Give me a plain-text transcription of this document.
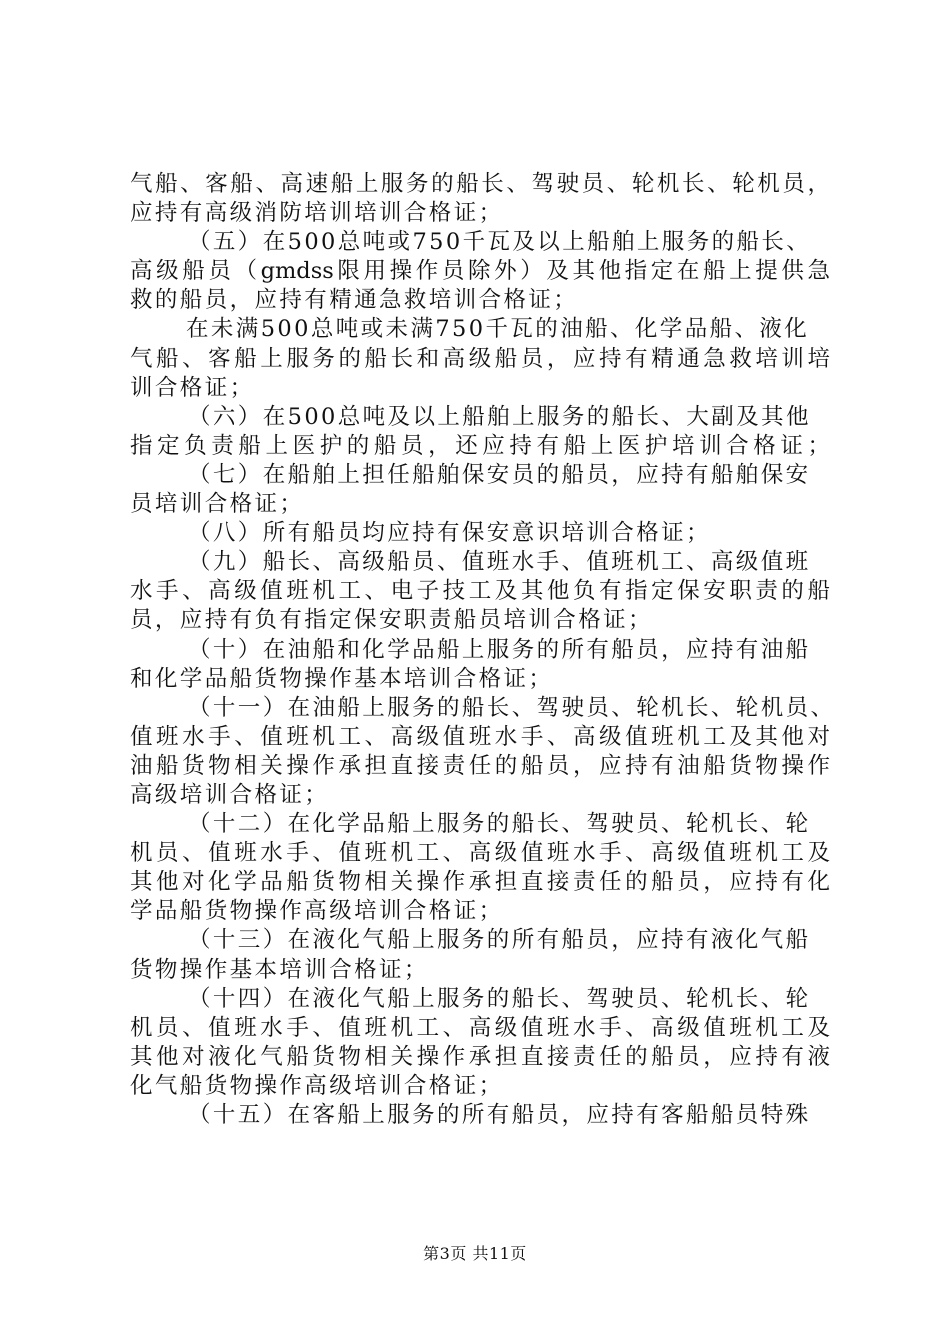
气船、客船、高速船上服务的船长、驾驶员、轮机长、轮机员，
应持有高级消防培训培训合格证；
（五）在500总吨或750千瓦及以上船舶上服务的船长、
高级船员（gmdss限用操作员除外）及其他指定在船上提供急
救的船员，应持有精通急救培训合格证；
在未满500总吨或未满750千瓦的油船、化学品船、液化
气船、客船上服务的船长和高级船员，应持有精通急救培训培
训合格证；
（六）在500总吨及以上船舶上服务的船长、大副及其他
指定负责船上医护的船员，还应持有船上医护培训合格证；
（七）在船舶上担任船舶保安员的船员，应持有船舶保安
员培训合格证；
（八）所有船员均应持有保安意识培训合格证；
（九）船长、高级船员、值班水手、值班机工、高级值班
水手、高级值班机工、电子技工及其他负有指定保安职责的船
员，应持有负有指定保安职责船员培训合格证；
（十）在油船和化学品船上服务的所有船员，应持有油船
和化学品船货物操作基本培训合格证；
（十一）在油船上服务的船长、驾驶员、轮机长、轮机员、
值班水手、值班机工、高级值班水手、高级值班机工及其他对
油船货物相关操作承担直接责任的船员，应持有油船货物操作
高级培训合格证；
（十二）在化学品船上服务的船长、驾驶员、轮机长、轮
机员、值班水手、值班机工、高级值班水手、高级值班机工及
其他对化学品船货物相关操作承担直接责任的船员，应持有化
学品船货物操作高级培训合格证；
（十三）在液化气船上服务的所有船员，应持有液化气船
货物操作基本培训合格证；
（十四）在液化气船上服务的船长、驾驶员、轮机长、轮
机员、值班水手、值班机工、高级值班水手、高级值班机工及
其他对液化气船货物相关操作承担直接责任的船员，应持有液
化气船货物操作高级培训合格证；
（十五）在客船上服务的所有船员，应持有客船船员特殊
第3页 共11页
